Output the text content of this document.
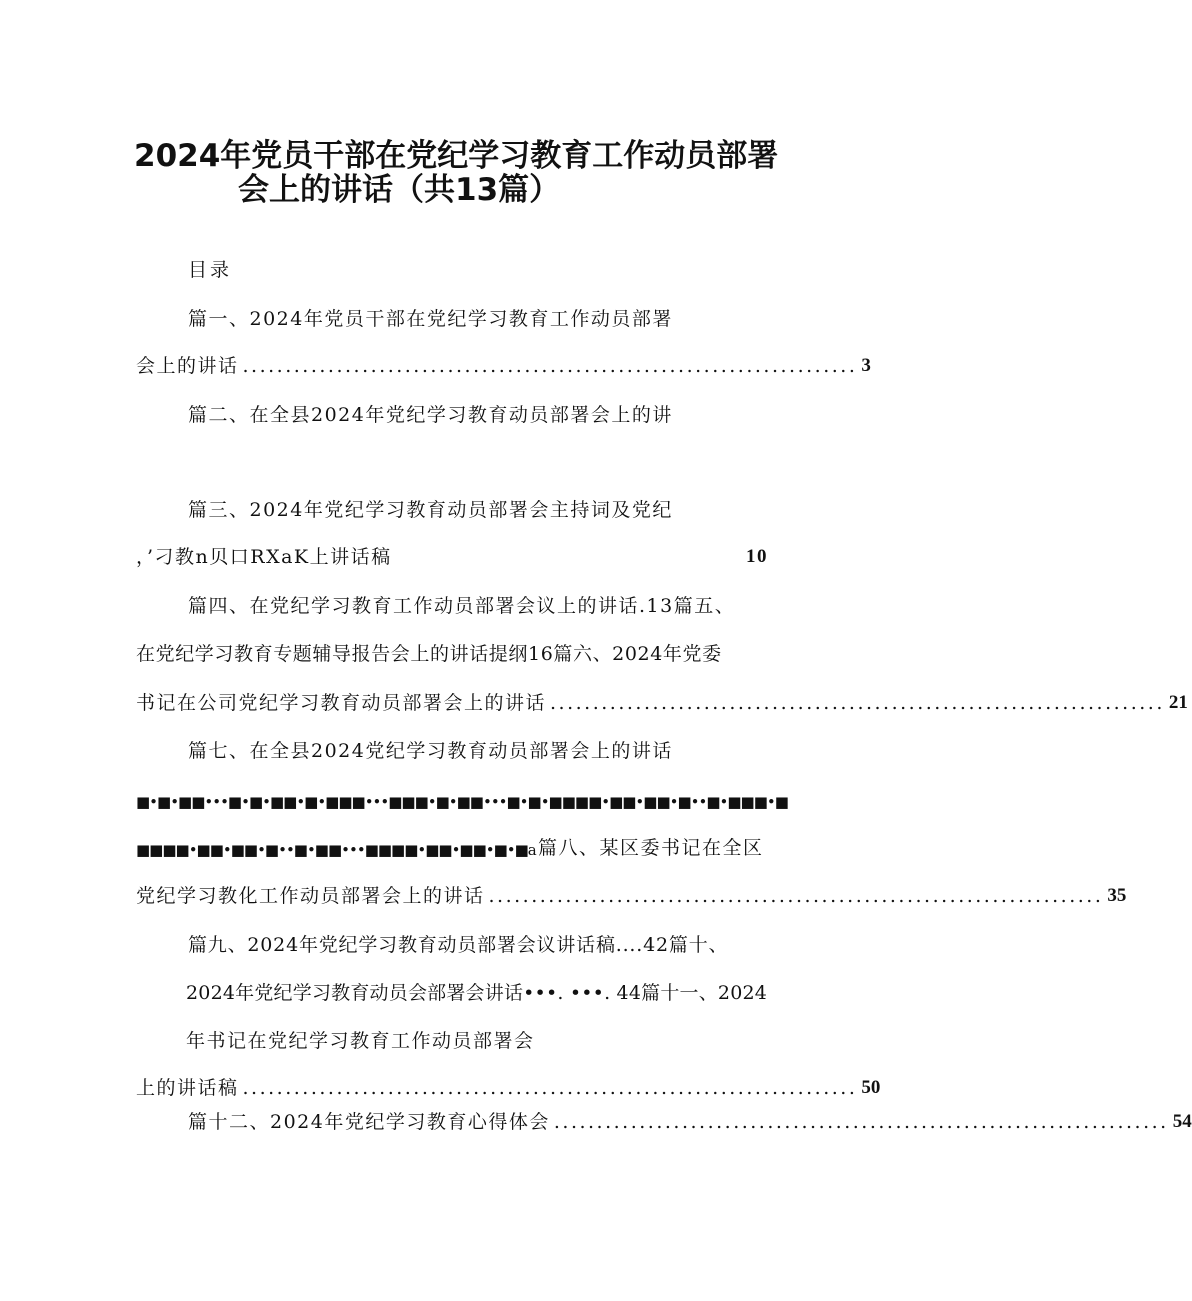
2024年党员干部在党纪学习教育工作动员部署
会上的讲话（共13篇）
目录
篇一、2024年党员干部在党纪学习教育工作动员部署
会上的讲话 ........................................................................ 3
篇二、在全县2024年党纪学习教育动员部署会上的讲
篇三、2024年党纪学习教育动员部署会主持词及党纪
，’刁教n贝口RXaK上讲话稿	10
篇四、在党纪学习教育工作动员部署会议上的讲话.13篇五、
在党纪学习教育专题辅导报告会上的讲话提纲16篇六、2024年党委
书记在公司党纪学习教育动员部署会上的讲话 ........................................................................ 21
篇七、在全县2024党纪学习教育动员部署会上的讲话
■•■•■■•••■•■•■■•■•■■■•••■■■•■•■■•••■•■•■■■■•■■•■■•■••■•■■■•■
■■■■•■■•■■•■••■•■■•••■■■■•■■•■■•■•■a 篇八、某区委书记在全区
党纪学习教化工作动员部署会上的讲话 ........................................................................ 35
篇九、2024年党纪学习教育动员部署会议讲话稿....42篇十、
2024年党纪学习教育动员会部署会讲话•••. •••. 44篇十一、2024
年书记在党纪学习教育工作动员部署会
上的讲话稿 ........................................................................ 50
篇十二、2024年党纪学习教育心得体会 ........................................................................ 54
